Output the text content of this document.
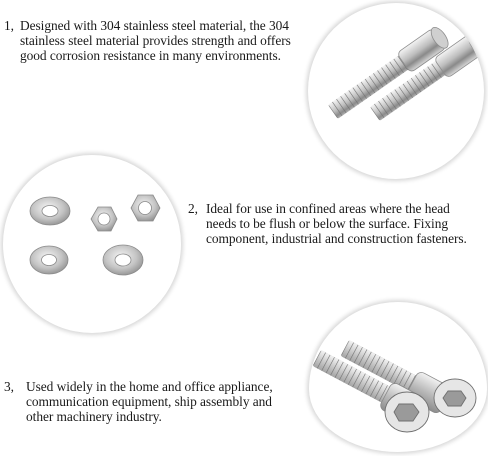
1, Designed with 304 stainless steel material, the 304
stainless steel material provides strength and offers
good corrosion resistance in many environments.
2, Ideal for use in confined areas where the head
needs to be flush or below the surface. Fixing
component, industrial and construction fasteners.
3, Used widely in the home and office appliance,
communication equipment, ship assembly and
other machinery industry.
